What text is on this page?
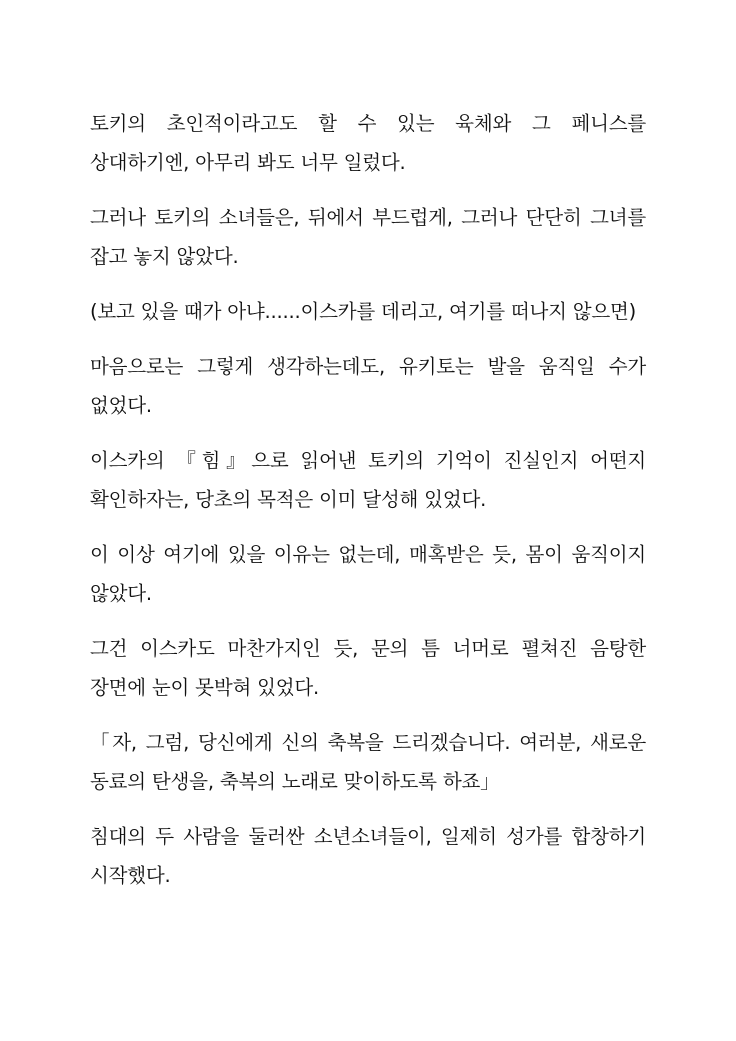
토키의 초인적이라고도 할 수 있는 육체와 그 페니스를 상대하기엔, 아무리 봐도 너무 일렀다.

그러나 토키의 소녀들은, 뒤에서 부드럽게, 그러나 단단히 그녀를 잡고 놓지 않았다.

(보고 있을 때가 아냐......이스카를 데리고, 여기를 떠나지 않으면)

마음으로는 그렇게 생각하는데도, 유키토는 발을 움직일 수가 없었다.

이스카의 『힘』으로 읽어낸 토키의 기억이 진실인지 어떤지 확인하자는, 당초의 목적은 이미 달성해 있었다.

이 이상 여기에 있을 이유는 없는데, 매혹받은 듯, 몸이 움직이지 않았다.

그건 이스카도 마찬가지인 듯, 문의 틈 너머로 펼쳐진 음탕한 장면에 눈이 못박혀 있었다.

「자, 그럼, 당신에게 신의 축복을 드리겠습니다. 여러분, 새로운 동료의 탄생을, 축복의 노래로 맞이하도록 하죠」

침대의 두 사람을 둘러싼 소년소녀들이, 일제히 성가를 합창하기 시작했다.
